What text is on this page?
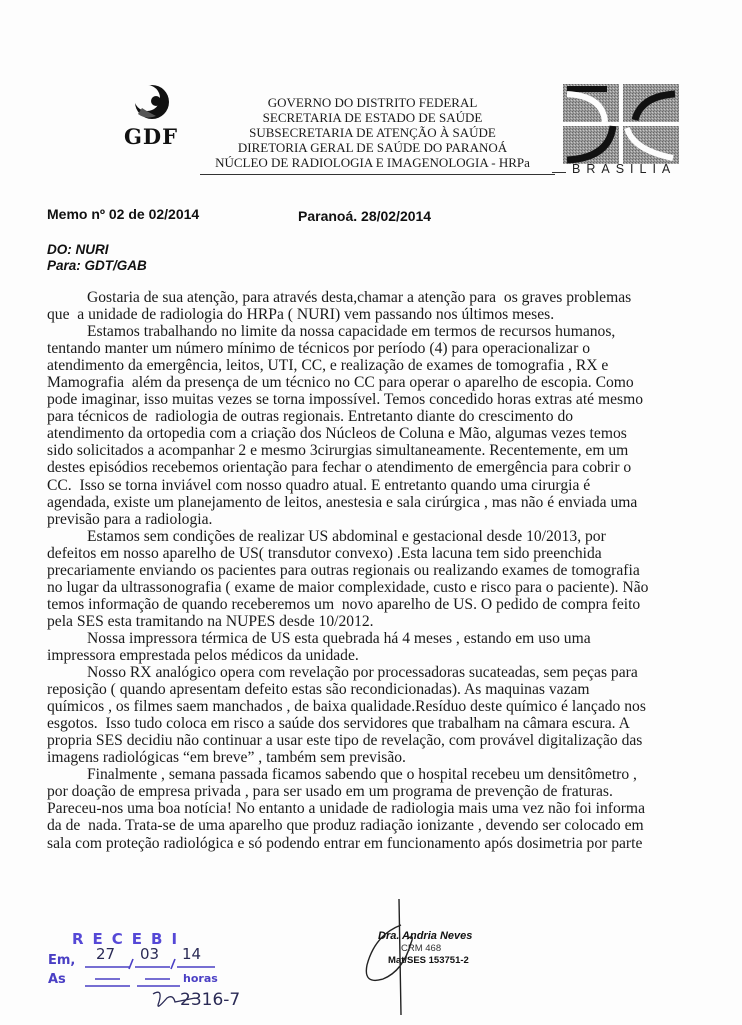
GDF
GOVERNO DO DISTRITO FEDERAL
SECRETARIA DE ESTADO DE SAÚDE
SUBSECRETARIA DE ATENÇÃO À SAÚDE
DIRETORIA GERAL DE SAÚDE DO PARANOÁ
NÚCLEO DE RADIOLOGIA E IMAGENOLOGIA - HRPa	BRASILIA
Memo nº 02 de 02/2014	Paranoá. 28/02/2014
DO: NURI
Para: GDT/GAB
Gostaria de sua atenção, para através desta,chamar a atenção para  os graves problemas
que  a unidade de radiologia do HRPa ( NURI) vem passando nos últimos meses.
Estamos trabalhando no limite da nossa capacidade em termos de recursos humanos,
tentando manter um número mínimo de técnicos por período (4) para operacionalizar o
atendimento da emergência, leitos, UTI, CC, e realização de exames de tomografia , RX e
Mamografia  além da presença de um técnico no CC para operar o aparelho de escopia. Como
pode imaginar, isso muitas vezes se torna impossível. Temos concedido horas extras até mesmo
para técnicos de  radiologia de outras regionais. Entretanto diante do crescimento do
atendimento da ortopedia com a criação dos Núcleos de Coluna e Mão, algumas vezes temos
sido solicitados a acompanhar 2 e mesmo 3cirurgias simultaneamente. Recentemente, em um
destes episódios recebemos orientação para fechar o atendimento de emergência para cobrir o
CC.  Isso se torna inviável com nosso quadro atual. E entretanto quando uma cirurgia é
agendada, existe um planejamento de leitos, anestesia e sala cirúrgica , mas não é enviada uma
previsão para a radiologia.
Estamos sem condições de realizar US abdominal e gestacional desde 10/2013, por
defeitos em nosso aparelho de US( transdutor convexo) .Esta lacuna tem sido preenchida
precariamente enviando os pacientes para outras regionais ou realizando exames de tomografia
no lugar da ultrassonografia ( exame de maior complexidade, custo e risco para o paciente). Não
temos informação de quando receberemos um  novo aparelho de US. O pedido de compra feito
pela SES esta tramitando na NUPES desde 10/2012.
Nossa impressora térmica de US esta quebrada há 4 meses , estando em uso uma
impressora emprestada pelos médicos da unidade.
Nosso RX analógico opera com revelação por processadoras sucateadas, sem peças para
reposição ( quando apresentam defeito estas são recondicionadas). As maquinas vazam
químicos , os filmes saem manchados , de baixa qualidade.Resíduo deste químico é lançado nos
esgotos.  Isso tudo coloca em risco a saúde dos servidores que trabalham na câmara escura. A
propria SES decidiu não continuar a usar este tipo de revelação, com provável digitalização das
imagens radiológicas “em breve” , também sem previsão.
Finalmente , semana passada ficamos sabendo que o hospital recebeu um densitômetro ,
por doação de empresa privada , para ser usado em um programa de prevenção de fraturas.
Pareceu-nos uma boa notícia! No entanto a unidade de radiologia mais uma vez não foi informa
da de  nada. Trata-se de uma aparelho que produz radiação ionizante , devendo ser colocado em
sala com proteção radiológica e só podendo entrar em funcionamento após dosimetria por parte
Dra. Andria Neves
CRM 468
Mat/SES 153751-2
RECEBI
Em,
As	horas
27 03 14
2316-7
